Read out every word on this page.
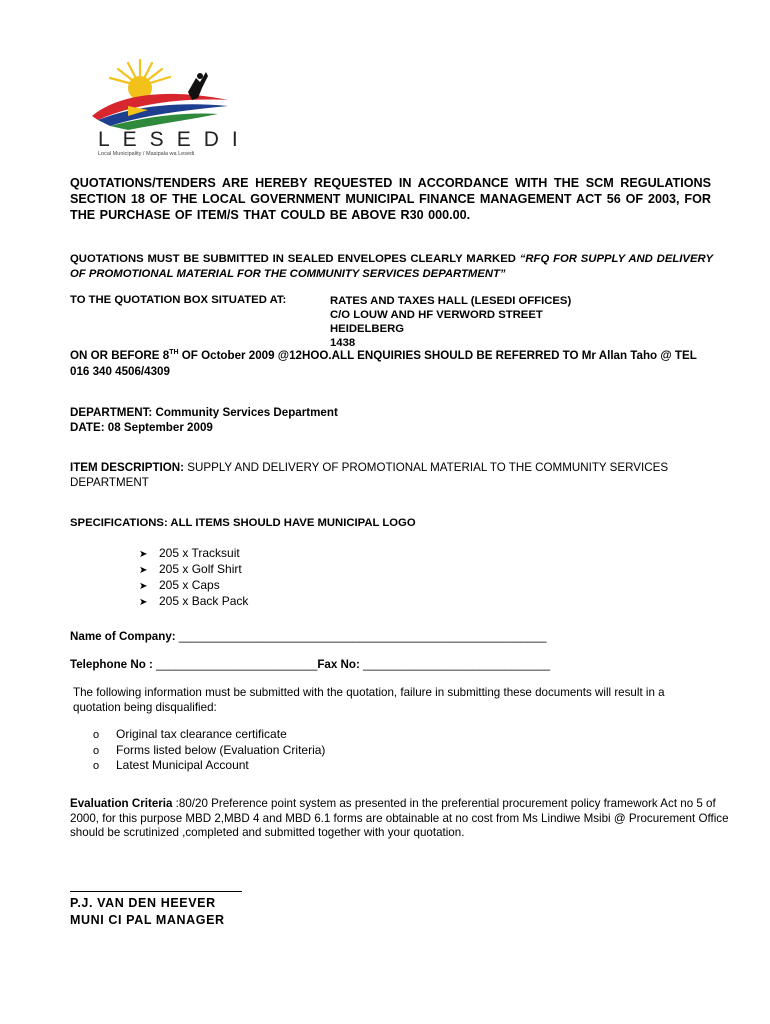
LESEDI
Local Municipality / Masipala wa Lesedi
QUOTATIONS/TENDERS ARE HEREBY REQUESTED IN ACCORDANCE WITH THE SCM REGULATIONS SECTION 18 OF THE LOCAL GOVERNMENT MUNICIPAL FINANCE MANAGEMENT ACT 56 OF 2003, FOR THE PURCHASE OF ITEM/S THAT COULD BE ABOVE R30 000.00.
QUOTATIONS MUST BE SUBMITTED IN SEALED ENVELOPES CLEARLY MARKED “RFQ FOR SUPPLY AND DELIVERY OF PROMOTIONAL MATERIAL FOR THE COMMUNITY SERVICES DEPARTMENT”
TO THE QUOTATION BOX SITUATED AT:	RATES AND TAXES HALL (LESEDI OFFICES)
C/O LOUW AND HF VERWORD STREET
HEIDELBERG
1438
ON OR BEFORE 8TH OF October 2009 @12HOO.ALL ENQUIRIES SHOULD BE REFERRED TO Mr Allan Taho @ TEL 016 340 4506/4309
DEPARTMENT: Community Services Department
DATE: 08 September 2009
ITEM DESCRIPTION: SUPPLY AND DELIVERY OF PROMOTIONAL MATERIAL TO THE COMMUNITY SERVICES DEPARTMENT
SPECIFICATIONS: ALL ITEMS SHOULD HAVE MUNICIPAL LOGO
➤ 205 x Tracksuit
➤ 205 x Golf Shirt
➤ 205 x Caps
➤ 205 x Back Pack
Name of Company: _________________________________________________________
Telephone No : _________________________Fax No: _____________________________
The following information must be submitted with the quotation, failure in submitting these documents will result in a quotation being disqualified:
o Original tax clearance certificate
o Forms listed below (Evaluation Criteria)
o Latest Municipal Account
Evaluation Criteria :80/20 Preference point system as presented in the preferential procurement policy framework Act no 5 of 2000, for this purpose MBD 2,MBD 4 and MBD 6.1 forms are obtainable at no cost from Ms Lindiwe Msibi @ Procurement Office should be scrutinized ,completed and submitted together with your quotation.
P.J. VAN DEN HEEVER
MUNI CI PAL MANAGER
